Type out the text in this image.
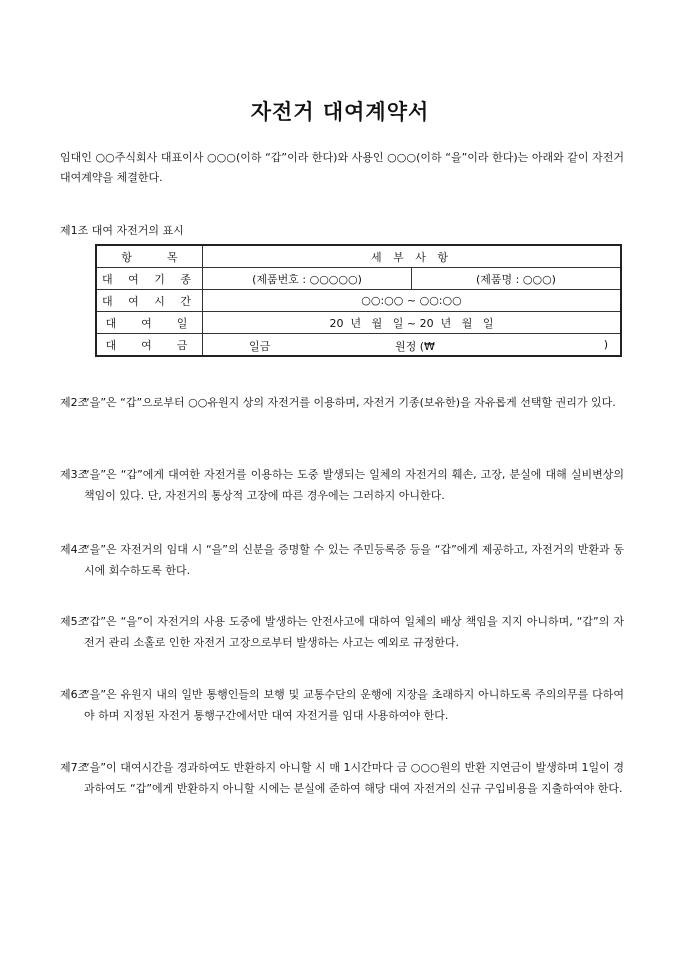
자전거 대여계약서
임대인 ○○주식회사 대표이사 ○○○(이하 “갑”이라 한다)와 사용인 ○○○(이하 “을”이라 한다)는 아래와 같이 자전거 대여계약을 체결한다.
제1조 대여 자전거의 표시
항          목	세 부 사 항	
대 여 기 종	(제품번호 : ○○○○○)	(제품명 : ○○○)
대 여 시 간	○○:○○ ~ ○○:○○	
대  여  일	20  년   월   일 ~ 20  년   월   일	
대  여  금	일금 원정 (₩ )	
제2조
“을”은 “갑”으로부터 ○○유원지 상의 자전거를 이용하며, 자전거 기종(보유한)을 자유롭게 선택할 권리가 있다.
제3조
“을”은 “갑”에게 대여한 자전거를 이용하는 도중 발생되는 일체의 자전거의 훼손, 고장, 분실에 대해 실비변상의 책임이 있다. 단, 자전거의 통상적 고장에 따른 경우에는 그러하지 아니한다.
제4조
“을”은 자전거의 임대 시 “을”의 신분을 증명할 수 있는 주민등록증 등을 “갑”에게 제공하고, 자전거의 반환과 동시에 회수하도록 한다.
제5조
“갑”은 “을”이 자전거의 사용 도중에 발생하는 안전사고에 대하여 일체의 배상 책임을 지지 아니하며, “갑”의 자전거 관리 소홀로 인한 자전거 고장으로부터 발생하는 사고는 예외로 규정한다.
제6조
“을”은 유원지 내의 일반 통행인들의 보행 및 교통수단의 운행에 지장을 초래하지 아니하도록 주의의무를 다하여야 하며 지정된 자전거 통행구간에서만 대여 자전거를 임대 사용하여야 한다.
제7조
“을”이 대여시간을 경과하여도 반환하지 아니할 시 매 1시간마다 금 ○○○원의 반환 지연금이 발생하며 1일이 경과하여도 “갑”에게 반환하지 아니할 시에는 분실에 준하여 해당 대여 자전거의 신규 구입비용을 지출하여야 한다.
